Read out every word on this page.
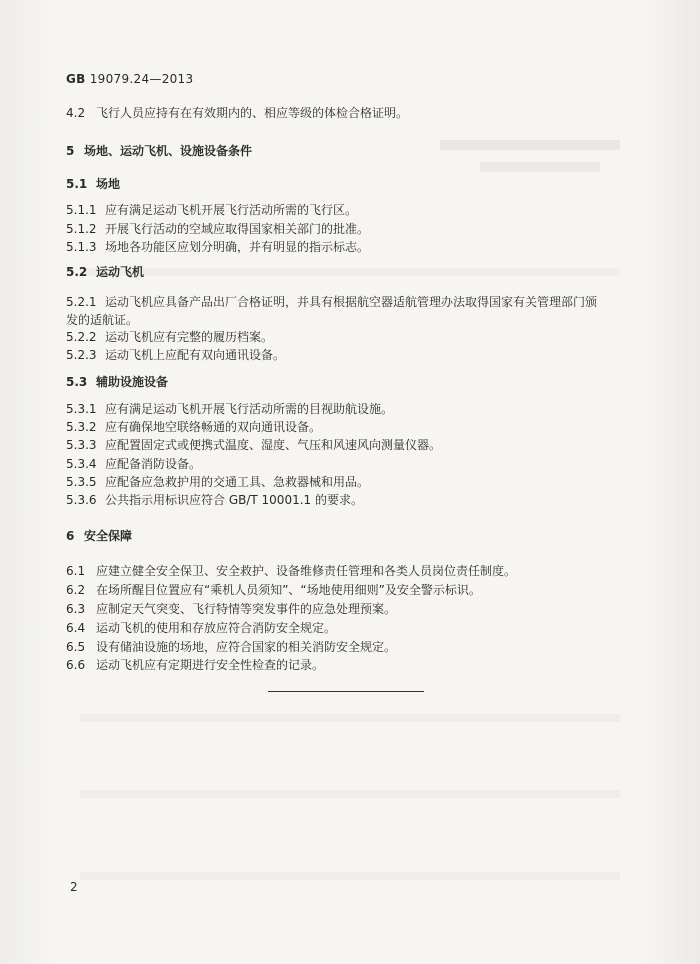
GB 19079.24—2013
4.2 飞行人员应持有在有效期内的、相应等级的体检合格证明。
5 场地、运动飞机、设施设备条件
5.1 场地
5.1.1 应有满足运动飞机开展飞行活动所需的飞行区。
5.1.2 开展飞行活动的空域应取得国家相关部门的批准。
5.1.3 场地各功能区应划分明确，并有明显的指示标志。
5.2 运动飞机
5.2.1 运动飞机应具备产品出厂合格证明，并具有根据航空器适航管理办法取得国家有关管理部门颁
发的适航证。
5.2.2 运动飞机应有完整的履历档案。
5.2.3 运动飞机上应配有双向通讯设备。
5.3 辅助设施设备
5.3.1 应有满足运动飞机开展飞行活动所需的目视助航设施。
5.3.2 应有确保地空联络畅通的双向通讯设备。
5.3.3 应配置固定式或便携式温度、湿度、气压和风速风向测量仪器。
5.3.4 应配备消防设备。
5.3.5 应配备应急救护用的交通工具、急救器械和用品。
5.3.6 公共指示用标识应符合 GB/T 10001.1 的要求。
6 安全保障
6.1 应建立健全安全保卫、安全救护、设备维修责任管理和各类人员岗位责任制度。
6.2 在场所醒目位置应有“乘机人员须知”、“场地使用细则”及安全警示标识。
6.3 应制定天气突变、飞行特情等突发事件的应急处理预案。
6.4 运动飞机的使用和存放应符合消防安全规定。
6.5 设有储油设施的场地，应符合国家的相关消防安全规定。
6.6 运动飞机应有定期进行安全性检查的记录。
2
